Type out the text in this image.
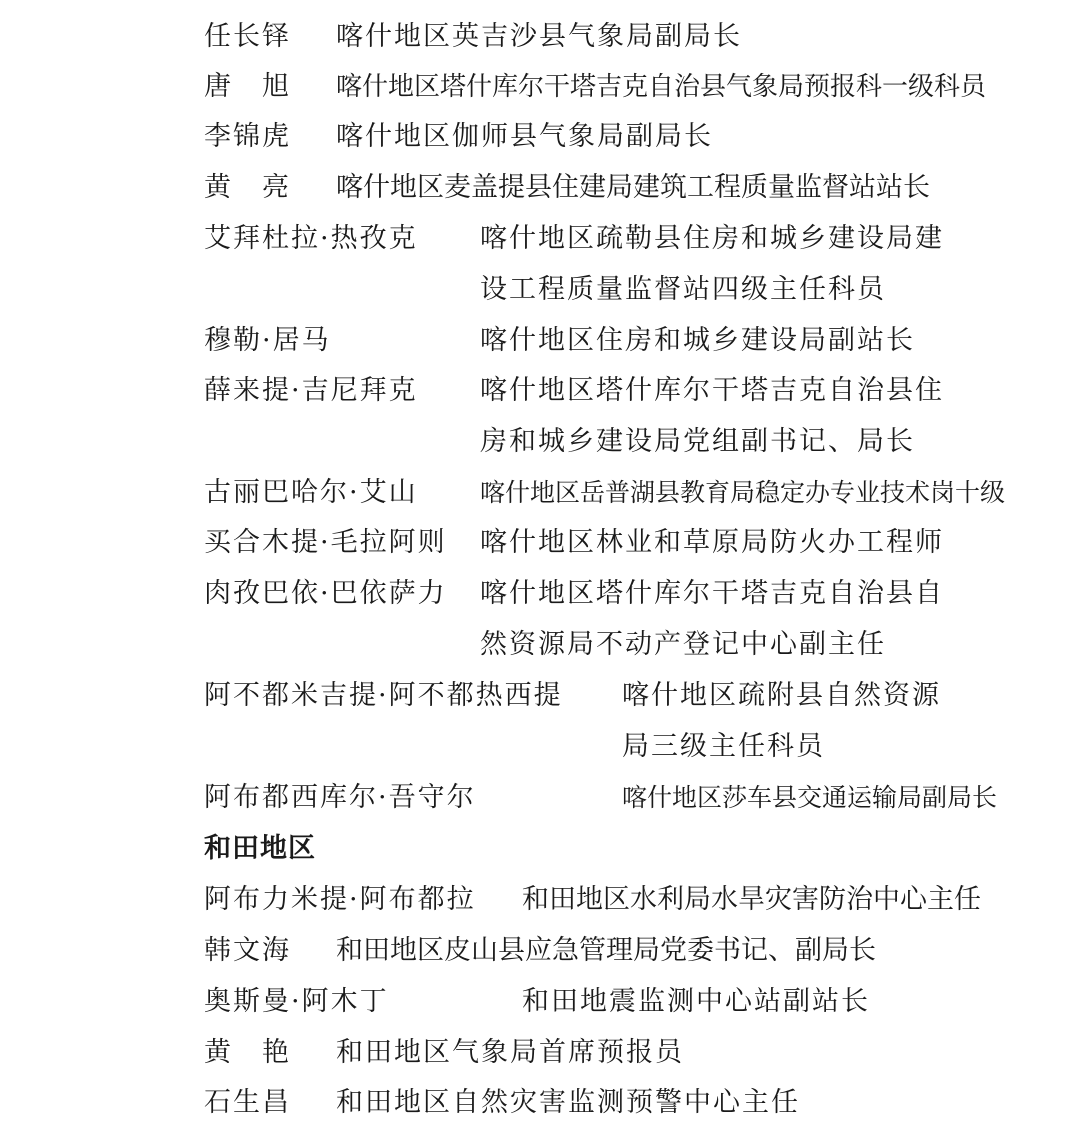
任长铎 喀什地区英吉沙县气象局副局长
唐　旭 喀什地区塔什库尔干塔吉克自治县气象局预报科一级科员
李锦虎 喀什地区伽师县气象局副局长
黄　亮 喀什地区麦盖提县住建局建筑工程质量监督站站长
艾拜杜拉·热孜克 喀什地区疏勒县住房和城乡建设局建
设工程质量监督站四级主任科员
穆勒·居马	喀什地区住房和城乡建设局副站长
薛来提·吉尼拜克 喀什地区塔什库尔干塔吉克自治县住
房和城乡建设局党组副书记、局长
古丽巴哈尔·艾山 喀什地区岳普湖县教育局稳定办专业技术岗十级
买合木提·毛拉阿则 喀什地区林业和草原局防火办工程师
肉孜巴依·巴依萨力 喀什地区塔什库尔干塔吉克自治县自
然资源局不动产登记中心副主任
阿不都米吉提·阿不都热西提 喀什地区疏附县自然资源
局三级主任科员
阿布都西库尔·吾守尔	喀什地区莎车县交通运输局副局长
和田地区
阿布力米提·阿布都拉 和田地区水利局水旱灾害防治中心主任
韩文海 和田地区皮山县应急管理局党委书记、副局长
奥斯曼·阿木丁	和田地震监测中心站副站长
黄　艳 和田地区气象局首席预报员
石生昌 和田地区自然灾害监测预警中心主任
